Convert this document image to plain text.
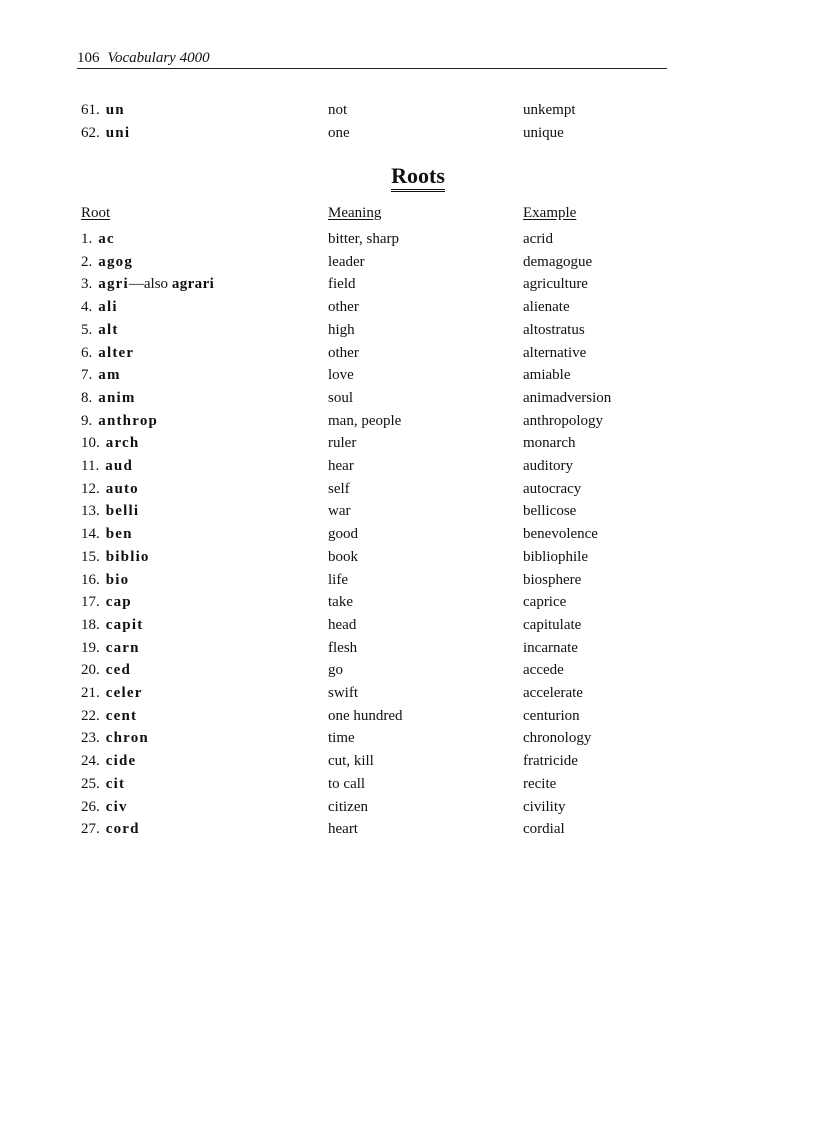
106 Vocabulary 4000
61. un	not	unkempt
62. uni	one	unique
Roots
Root	Meaning	Example
1. ac	bitter, sharp	acrid
2. agog	leader	demagogue
3. agri—also agrari	field	agriculture
4. ali	other	alienate
5. alt	high	altostratus
6. alter	other	alternative
7. am	love	amiable
8. anim	soul	animadversion
9. anthrop	man, people	anthropology
10. arch	ruler	monarch
11. aud	hear	auditory
12. auto	self	autocracy
13. belli	war	bellicose
14. ben	good	benevolence
15. biblio	book	bibliophile
16. bio	life	biosphere
17. cap	take	caprice
18. capit	head	capitulate
19. carn	flesh	incarnate
20. ced	go	accede
21. celer	swift	accelerate
22. cent	one hundred	centurion
23. chron	time	chronology
24. cide	cut, kill	fratricide
25. cit	to call	recite
26. civ	citizen	civility
27. cord	heart	cordial
